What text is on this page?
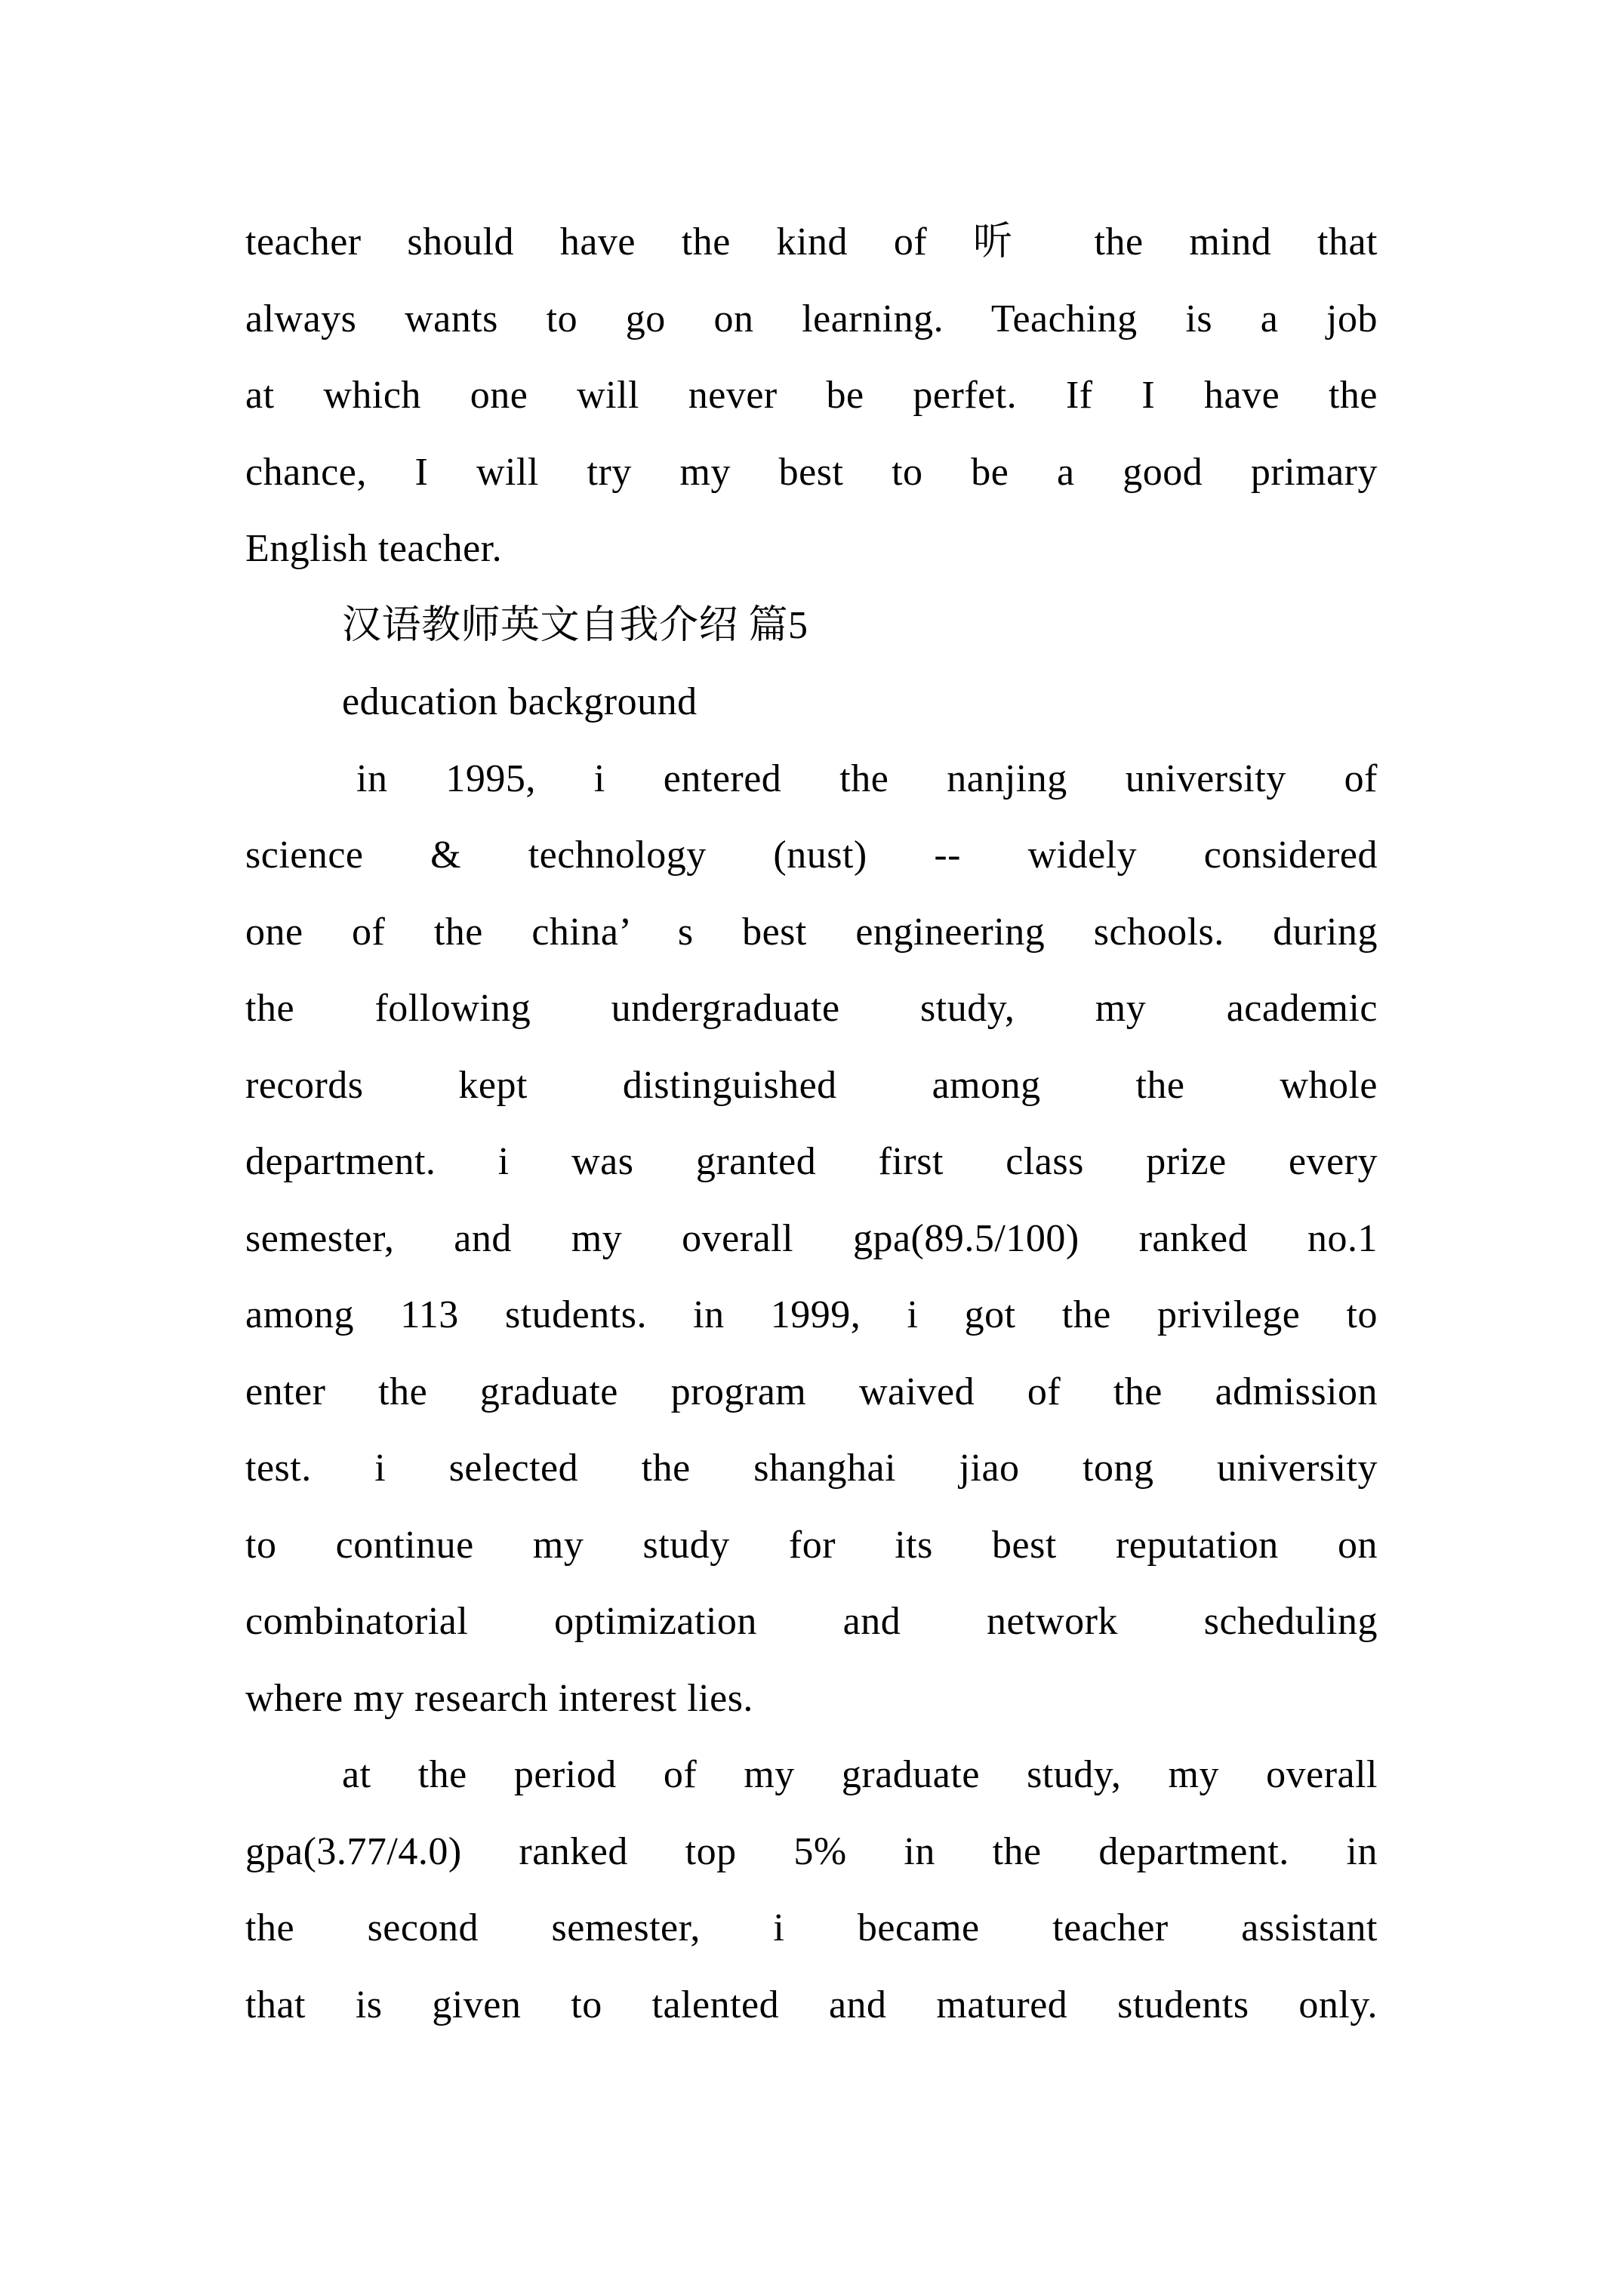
teacher should have the kind of 听 the mind that
always wants to go on learning. Teaching is a job
at which one will never be perfet. If I have the
chance, I will try my best to be a good primary
English teacher.
汉语教师英文自我介绍 篇5
education background
in 1995, i entered the nanjing university of
science & technology (nust) -- widely considered
one of the china’ s best engineering schools. during
the following undergraduate study, my academic
records kept distinguished among the whole
department. i was granted first class prize every
semester, and my overall gpa(89.5/100) ranked no.1
among 113 students. in 1999, i got the privilege to
enter the graduate program waived of the admission
test. i selected the shanghai jiao tong university
to continue my study for its best reputation on
combinatorial optimization and network scheduling
where my research interest lies.
at the period of my graduate study, my overall
gpa(3.77/4.0) ranked top 5% in the department. in
the second semester, i became teacher assistant
that is given to talented and matured students only.
